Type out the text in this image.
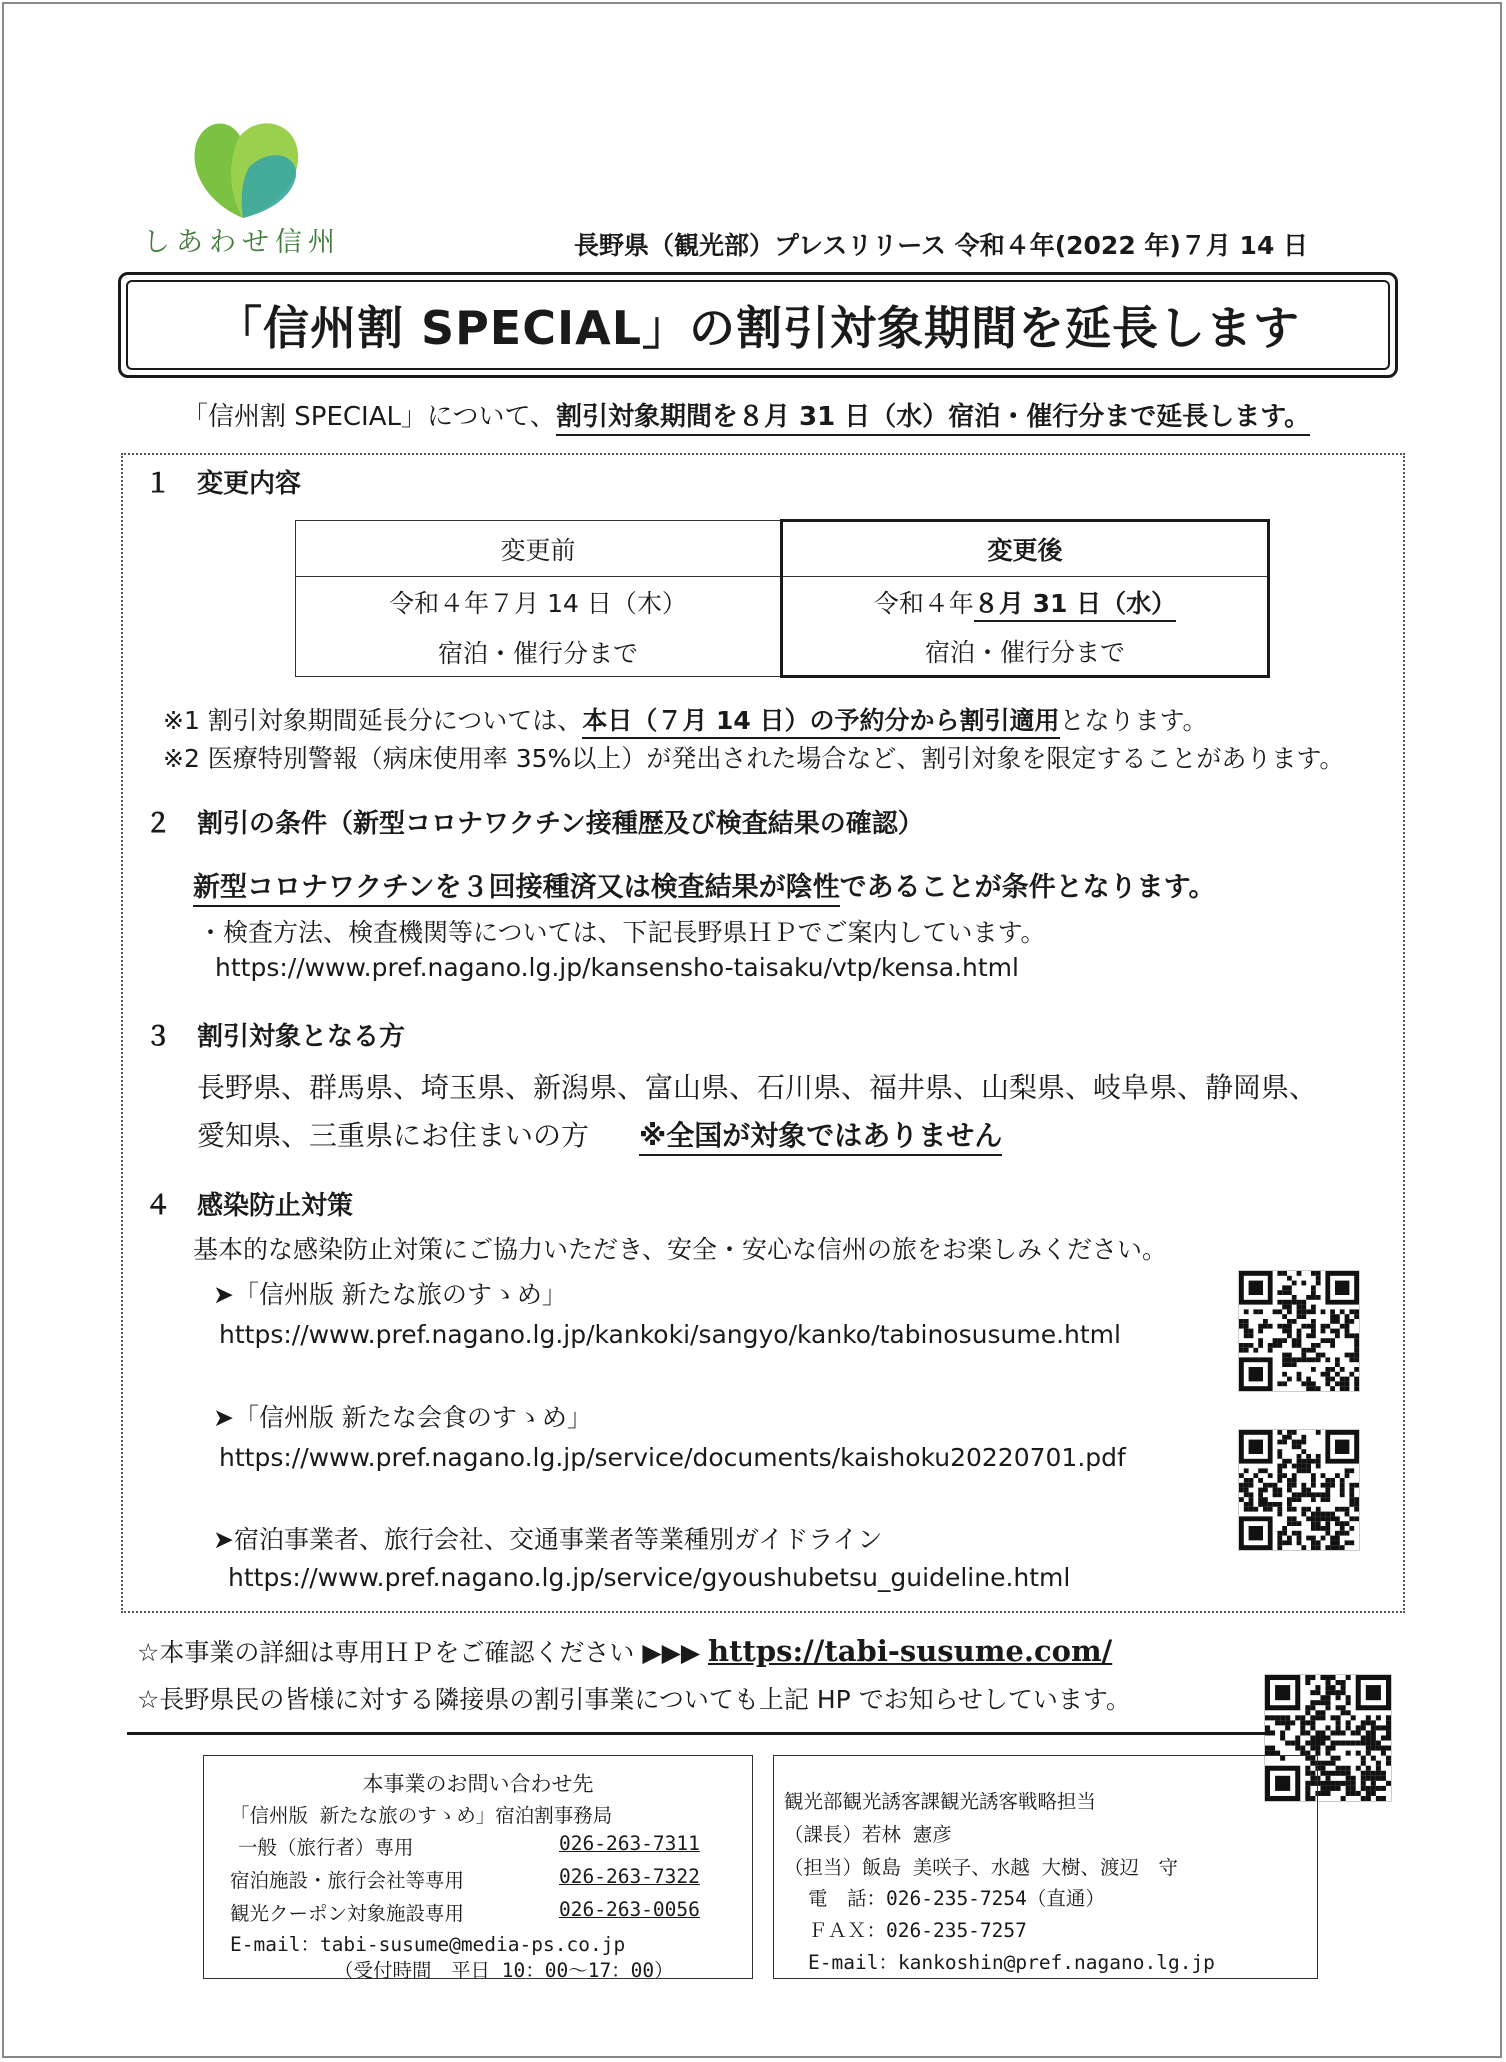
しあわせ信州	長野県（観光部）プレスリリース 令和４年(2022 年)７月 14 日
「信州割 SPECIAL」の割引対象期間を延長します
「信州割 SPECIAL」について、割引対象期間を８月 31 日（水）宿泊・催行分まで延長します。
１　変更内容
変更前	変更後
令和４年７月 14 日（木）	令和４年８月 31 日（水）
宿泊・催行分まで	宿泊・催行分まで
※1 割引対象期間延長分については、本日（７月 14 日）の予約分から割引適用となります。
※2 医療特別警報（病床使用率 35%以上）が発出された場合など、割引対象を限定することがあります。
２　割引の条件（新型コロナワクチン接種歴及び検査結果の確認）
新型コロナワクチンを３回接種済又は検査結果が陰性であることが条件となります。
・検査方法、検査機関等については、下記長野県ＨＰでご案内しています。
https://www.pref.nagano.lg.jp/kansensho-taisaku/vtp/kensa.html
３　割引対象となる方
長野県、群馬県、埼玉県、新潟県、富山県、石川県、福井県、山梨県、岐阜県、静岡県、
愛知県、三重県にお住まいの方 ※全国が対象ではありません
４　感染防止対策
基本的な感染防止対策にご協力いただき、安全・安心な信州の旅をお楽しみください。
➤「信州版 新たな旅のすゝめ」
https://www.pref.nagano.lg.jp/kankoki/sangyo/kanko/tabinosusume.html
➤「信州版 新たな会食のすゝめ」
https://www.pref.nagano.lg.jp/service/documents/kaishoku20220701.pdf
➤宿泊事業者、旅行会社、交通事業者等業種別ガイドライン
https://www.pref.nagano.lg.jp/service/gyoushubetsu_guideline.html
☆本事業の詳細は専用ＨＰをご確認ください ▶▶▶ https://tabi-susume.com/
☆長野県民の皆様に対する隣接県の割引事業についても上記 HP でお知らせしています。
本事業のお問い合わせ先
「信州版 新たな旅のすゝめ」宿泊割事務局
一般（旅行者）専用	026-263-7311
宿泊施設・旅行会社等専用	026-263-7322
観光クーポン対象施設専用	026-263-0056
E-mail：tabi-susume@media-ps.co.jp
（受付時間　平日 10：00～17：00）
観光部観光誘客課観光誘客戦略担当
（課長）若林 憲彦
（担当）飯島 美咲子、水越 大樹、渡辺　守
電　話：026-235-7254（直通）
ＦＡＸ：026-235-7257
E-mail：kankoshin@pref.nagano.lg.jp
